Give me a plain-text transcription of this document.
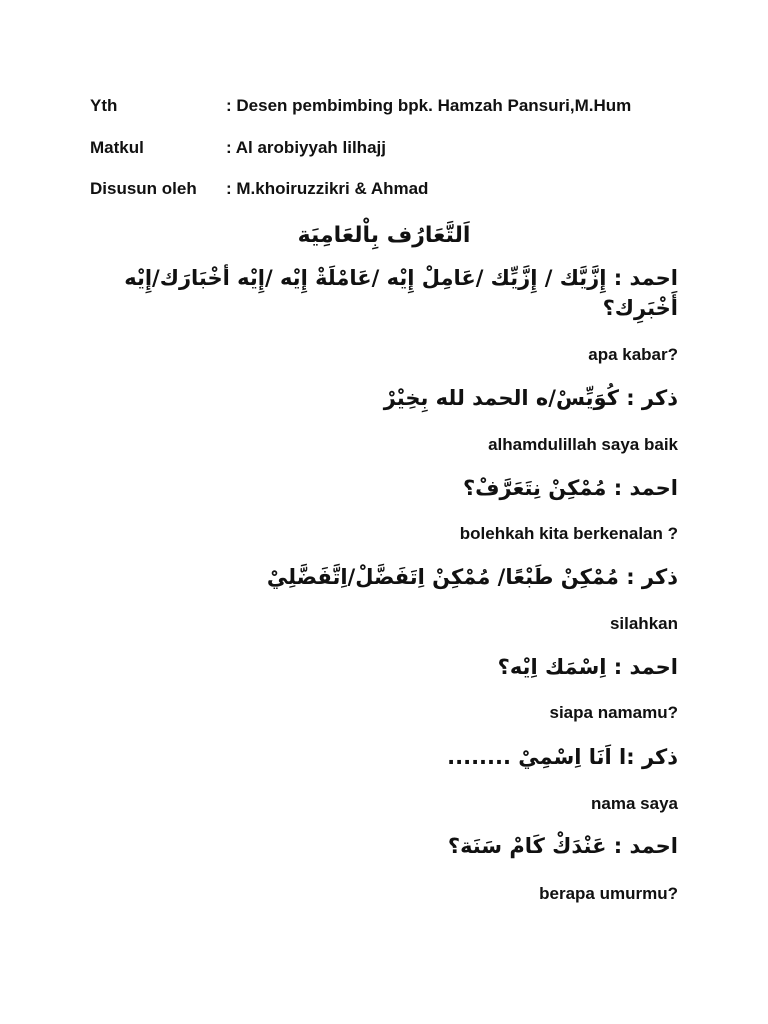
Yth	: Desen pembimbing bpk. Hamzah Pansuri,M.Hum
Matkul	: Al arobiyyah lilhajj
Disusun oleh : M.khoiruzzikri & Ahmad
اَلتَّعَارُف بِاْلعَامِيَة
احمد : إِزَّيَّك / إِزَّيِّك /عَامِلْ إِيْه /عَامْلَةْ إِيْه /إِيْه أخْبَارَك/إِيْه أَخْبَرِك؟
apa kabar?
ذكر : كُوَيِّسْ/ه الحمد لله بِخِيْرْ
alhamdulillah saya baik
احمد : مُمْكِنْ نِتَعَرَّفْ؟
bolehkah kita berkenalan ?
ذكر : مُمْكِنْ طَبْعًا/ مُمْكِنْ اِتَفَضَّلْ/اِتَّفَضَّلِيْ
silahkan
احمد : اِسْمَك اِيْه؟
siapa namamu?
ذكر :ا اَنَا اِسْمِيْ ........
nama saya
احمد : عَنْدَكْ كَامْ سَنَة؟
berapa umurmu?
